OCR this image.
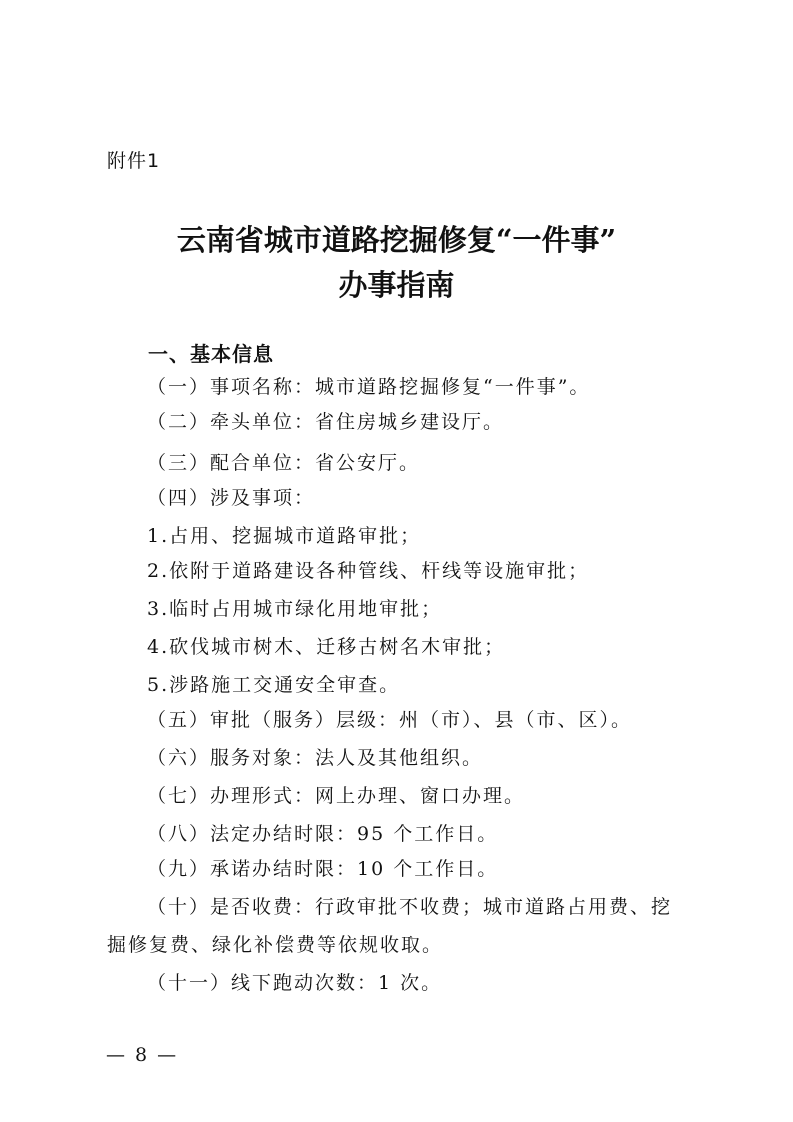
附件1
云南省城市道路挖掘修复“一件事”
办事指南
一、基本信息
（一）事项名称：城市道路挖掘修复“一件事”。
（二）牵头单位：省住房城乡建设厅。
（三）配合单位：省公安厅。
（四）涉及事项：
1.占用、挖掘城市道路审批；
2.依附于道路建设各种管线、杆线等设施审批；
3.临时占用城市绿化用地审批；
4.砍伐城市树木、迁移古树名木审批；
5.涉路施工交通安全审查。
（五）审批（服务）层级：州（市）、县（市、区）。
（六）服务对象：法人及其他组织。
（七）办理形式：网上办理、窗口办理。
（八）法定办结时限：95 个工作日。
（九）承诺办结时限：10 个工作日。
（十）是否收费：行政审批不收费；城市道路占用费、挖
掘修复费、绿化补偿费等依规收取。
（十一）线下跑动次数：1 次。
— 8 —
